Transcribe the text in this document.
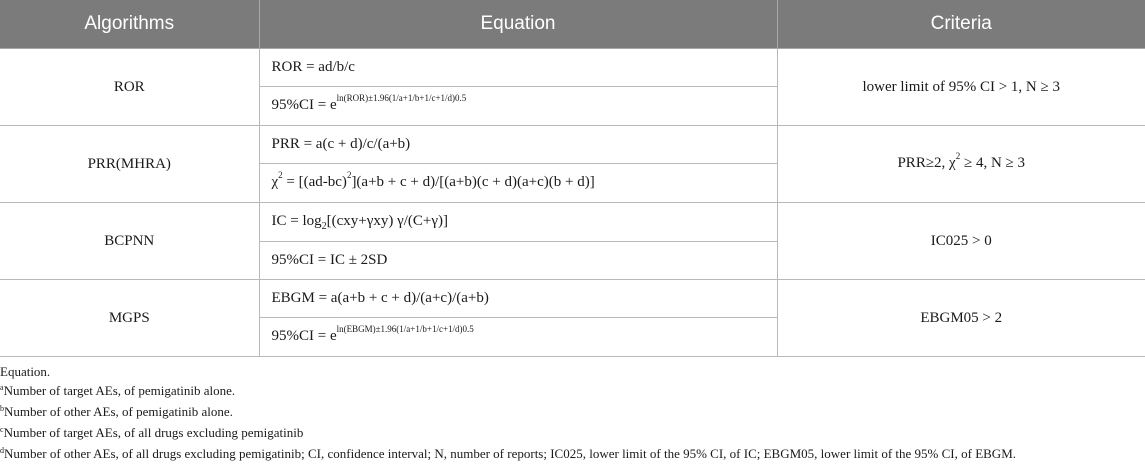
Algorithms	Equation	Criteria
ROR	ROR = ad/b/c	lower limit of 95% CI > 1, N ≥ 3
	$95\%CI = e^{ln(ROR)\pm 1.96(1/a+1/b+1/c+1/d)0.5}$
PRR(MHRA)	PRR = a(c + d)/c/(a+b)	PRR≥2, $\chi^2 \ge 4$, N ≥ 3
	$\chi^2 = [(ad-bc)^2](a+b + c + d)/[(a+b)(c + d)(a+c)(b + d)]$	
BCPNN	IC = $\log_2[(cxy+\gamma xy)$ γ/(C+γ)]	IC025 > 0
	95%CI = IC ± 2SD	
MGPS	EBGM = a(a+b + c + d)/(a+c)/(a+b)	EBGM05 > 2
	$95\%CI = e^{ln(EBGM)\pm 1.96(1/a+1/b+1/c+1/d)0.5}$
Equation.
$^a$Number of target AEs, of pemigatinib alone.
$^b$Number of other AEs, of pemigatinib alone.
$^c$Number of target AEs, of all drugs excluding pemigatinib
$^d$Number of other AEs, of all drugs excluding pemigatinib; CI, confidence interval; N, number of reports; IC025, lower limit of the 95% CI, of IC; EBGM05, lower limit of the 95% CI, of EBGM.
